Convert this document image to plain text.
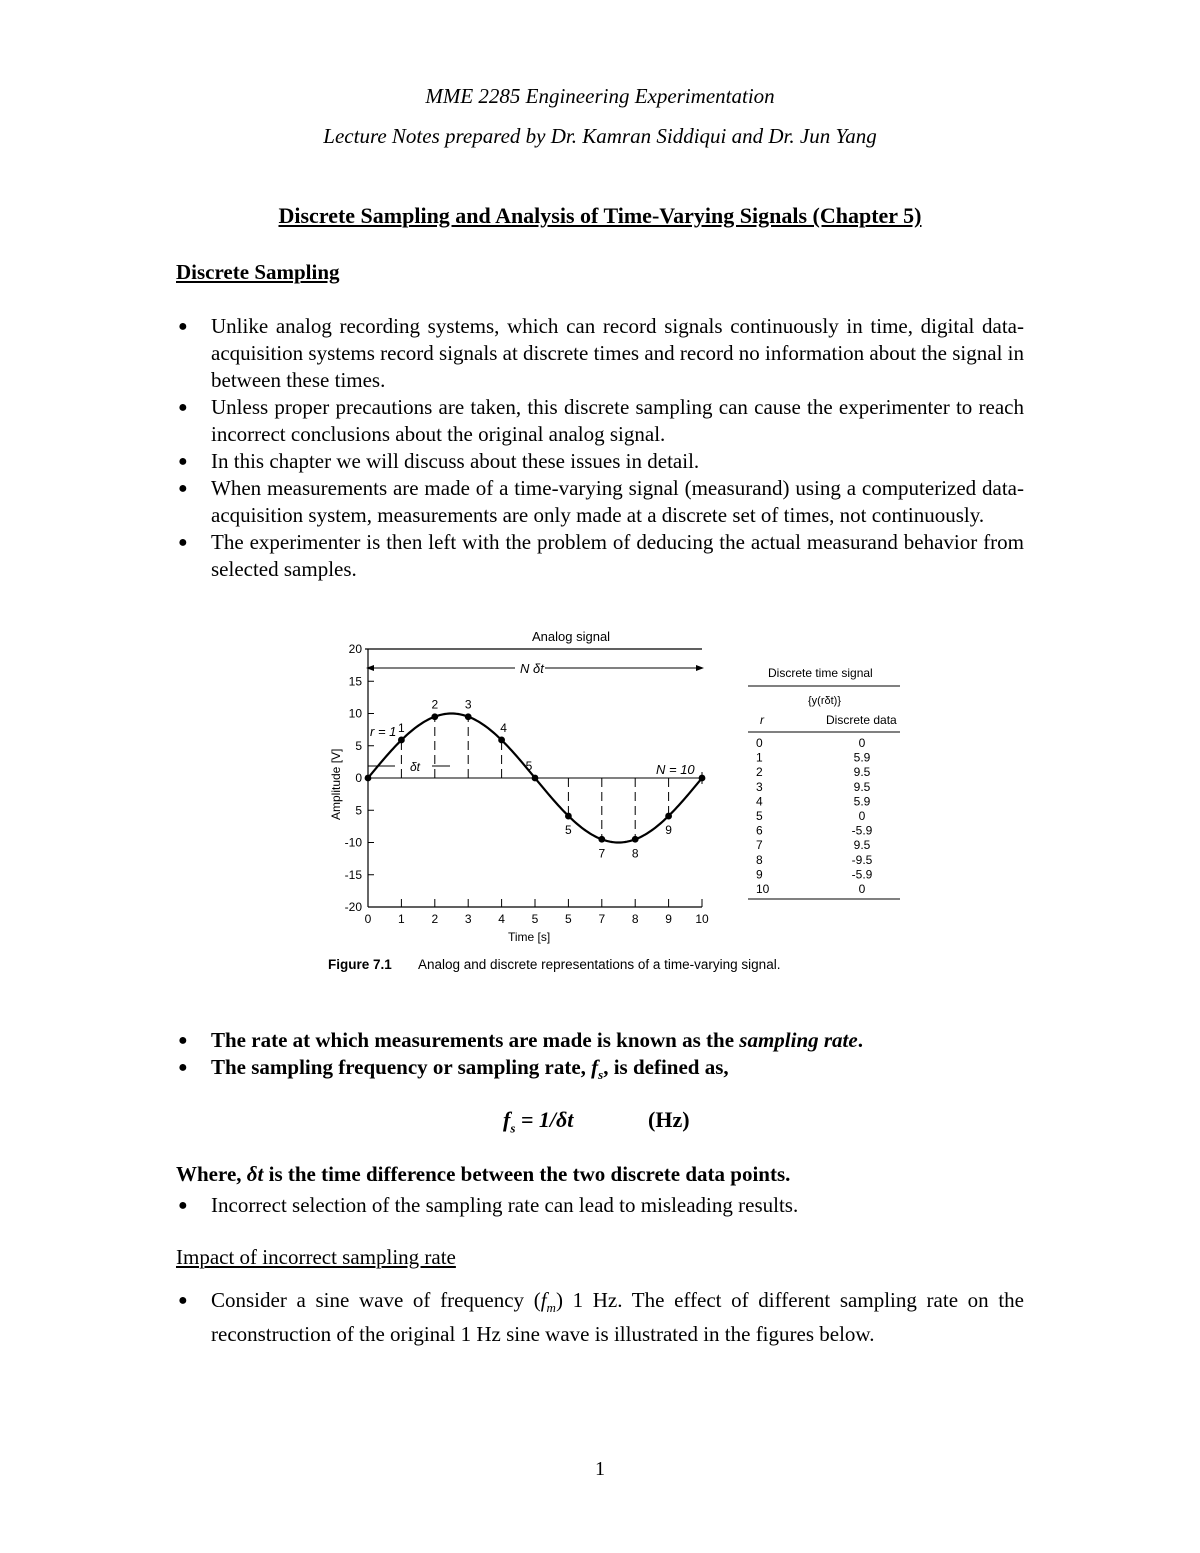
MME 2285 Engineering Experimentation
Lecture Notes prepared by Dr. Kamran Siddiqui and Dr. Jun Yang
Discrete Sampling and Analysis of Time-Varying Signals (Chapter 5)
Discrete Sampling
● Unlike analog recording systems, which can record signals continuously in time, digital data-acquisition systems record signals at discrete times and record no information about the signal in between these times.
● Unless proper precautions are taken, this discrete sampling can cause the experimenter to reach incorrect conclusions about the original analog signal.
● In this chapter we will discuss about these issues in detail.
● When measurements are made of a time-varying signal (measurand) using a computerized data-acquisition system, measurements are only made at a discrete set of times, not continuously.
● The experimenter is then left with the problem of deducing the actual measurand behavior from selected samples.
20
15
10
5
0
5
-10
-15
-20
0 1 2 3 4 5 5 7 8 9 10
1
2 3
4
5
5
7 8
9
Analog signal
N δt
r = 1
δt	N = 10
Amplitude [V]
Time [s]
Discrete time signal
{y(rδt)}
r	Discrete data
0	0
1	5.9
2	9.5
3	9.5
4	5.9
5	0
6	-5.9
7	9.5
8	-9.5
9	-5.9
10	0
Figure 7.1 Analog and discrete representations of a time-varying signal.
● The rate at which measurements are made is known as the sampling rate.
● The sampling frequency or sampling rate, $f_s$, is defined as,
$f_s = 1/\delta t$	(Hz)
Where, δt is the time difference between the two discrete data points.
● Incorrect selection of the sampling rate can lead to misleading results.
Impact of incorrect sampling rate
● Consider a sine wave of frequency $(f_m)$ 1 Hz. The effect of different sampling rate on the reconstruction of the original 1 Hz sine wave is illustrated in the figures below.
1
